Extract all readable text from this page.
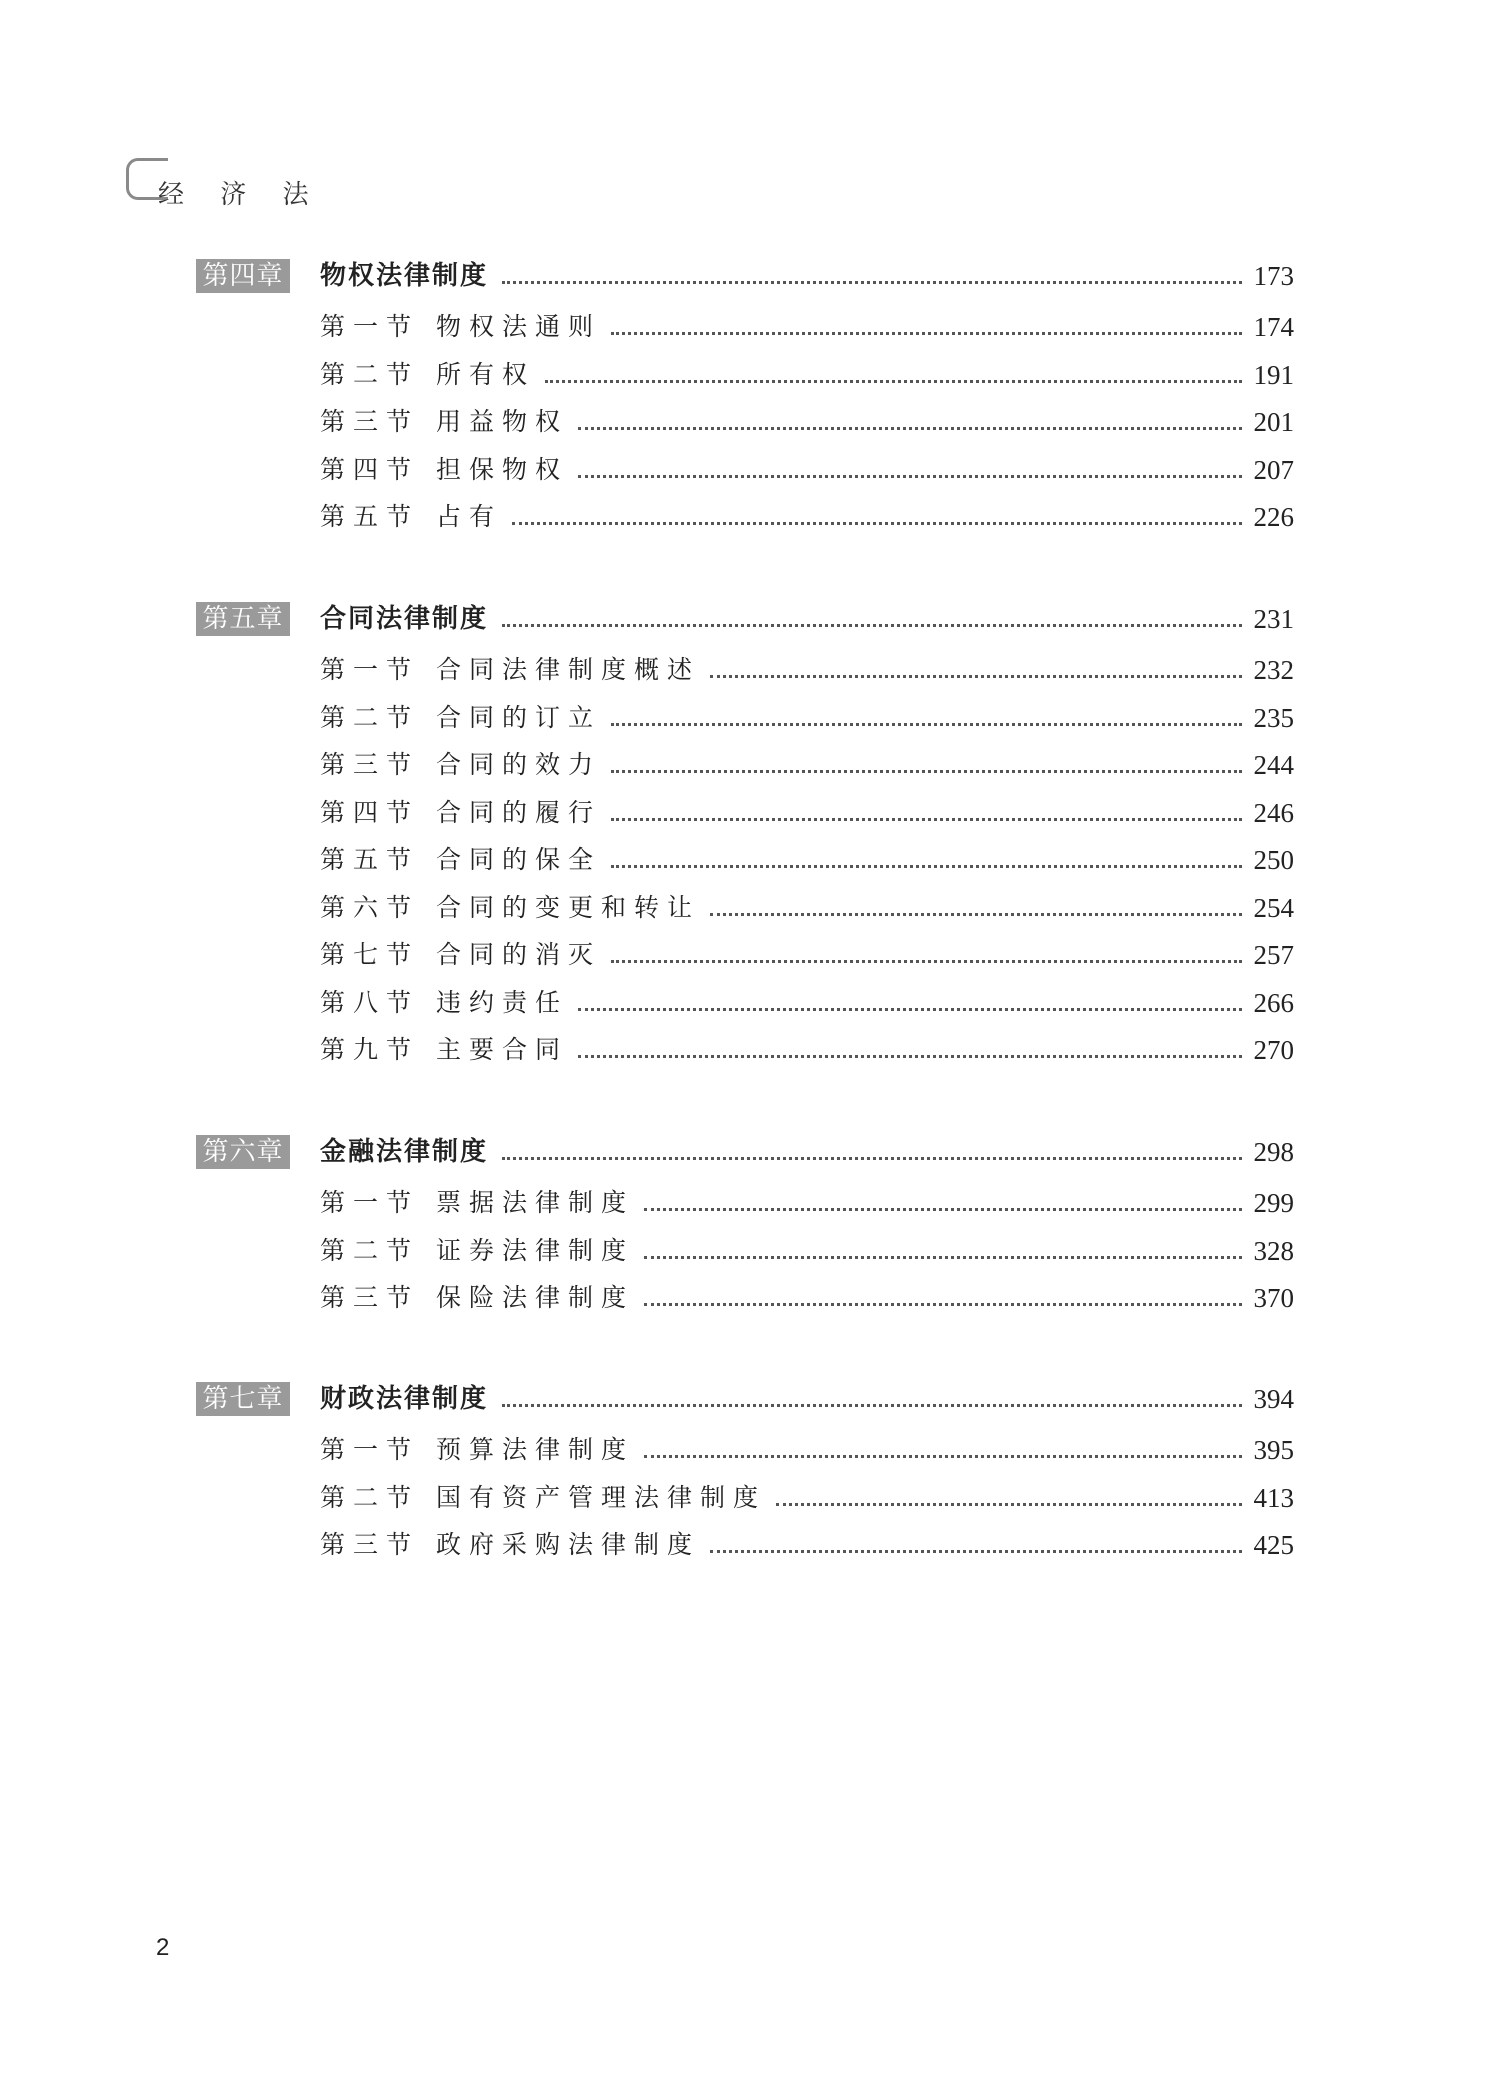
经 济 法
第四章 物权法律制度	173
第一节 物权法通则	174
第二节 所有权	191
第三节 用益物权	201
第四节 担保物权	207
第五节 占有	226
第五章 合同法律制度	231
第一节 合同法律制度概述	232
第二节 合同的订立	235
第三节 合同的效力	244
第四节 合同的履行	246
第五节 合同的保全	250
第六节 合同的变更和转让	254
第七节 合同的消灭	257
第八节 违约责任	266
第九节 主要合同	270
第六章 金融法律制度	298
第一节 票据法律制度	299
第二节 证券法律制度	328
第三节 保险法律制度	370
第七章 财政法律制度	394
第一节 预算法律制度	395
第二节 国有资产管理法律制度	413
第三节 政府采购法律制度	425
2
